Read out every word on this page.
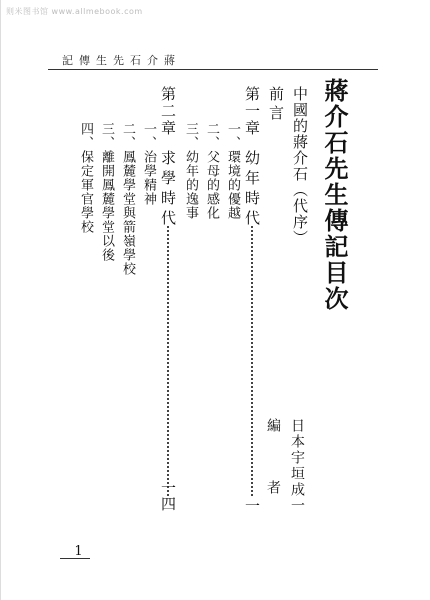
则米图书馆 www.allmebook.com
記傳生先石介蔣
蔣介石先生傳記目次
中國的蔣介石（代序）
前言
第一章
幼年時代
一
一、環境的優越
二、父母的感化
三、幼年的逸事
第二章
求學時代
一四
一、治學精神
二、鳳麓學堂與箭嶺學校
三、離開鳳麓學堂以後
四、保定軍官學校
日本宇垣成一
編
者
1
